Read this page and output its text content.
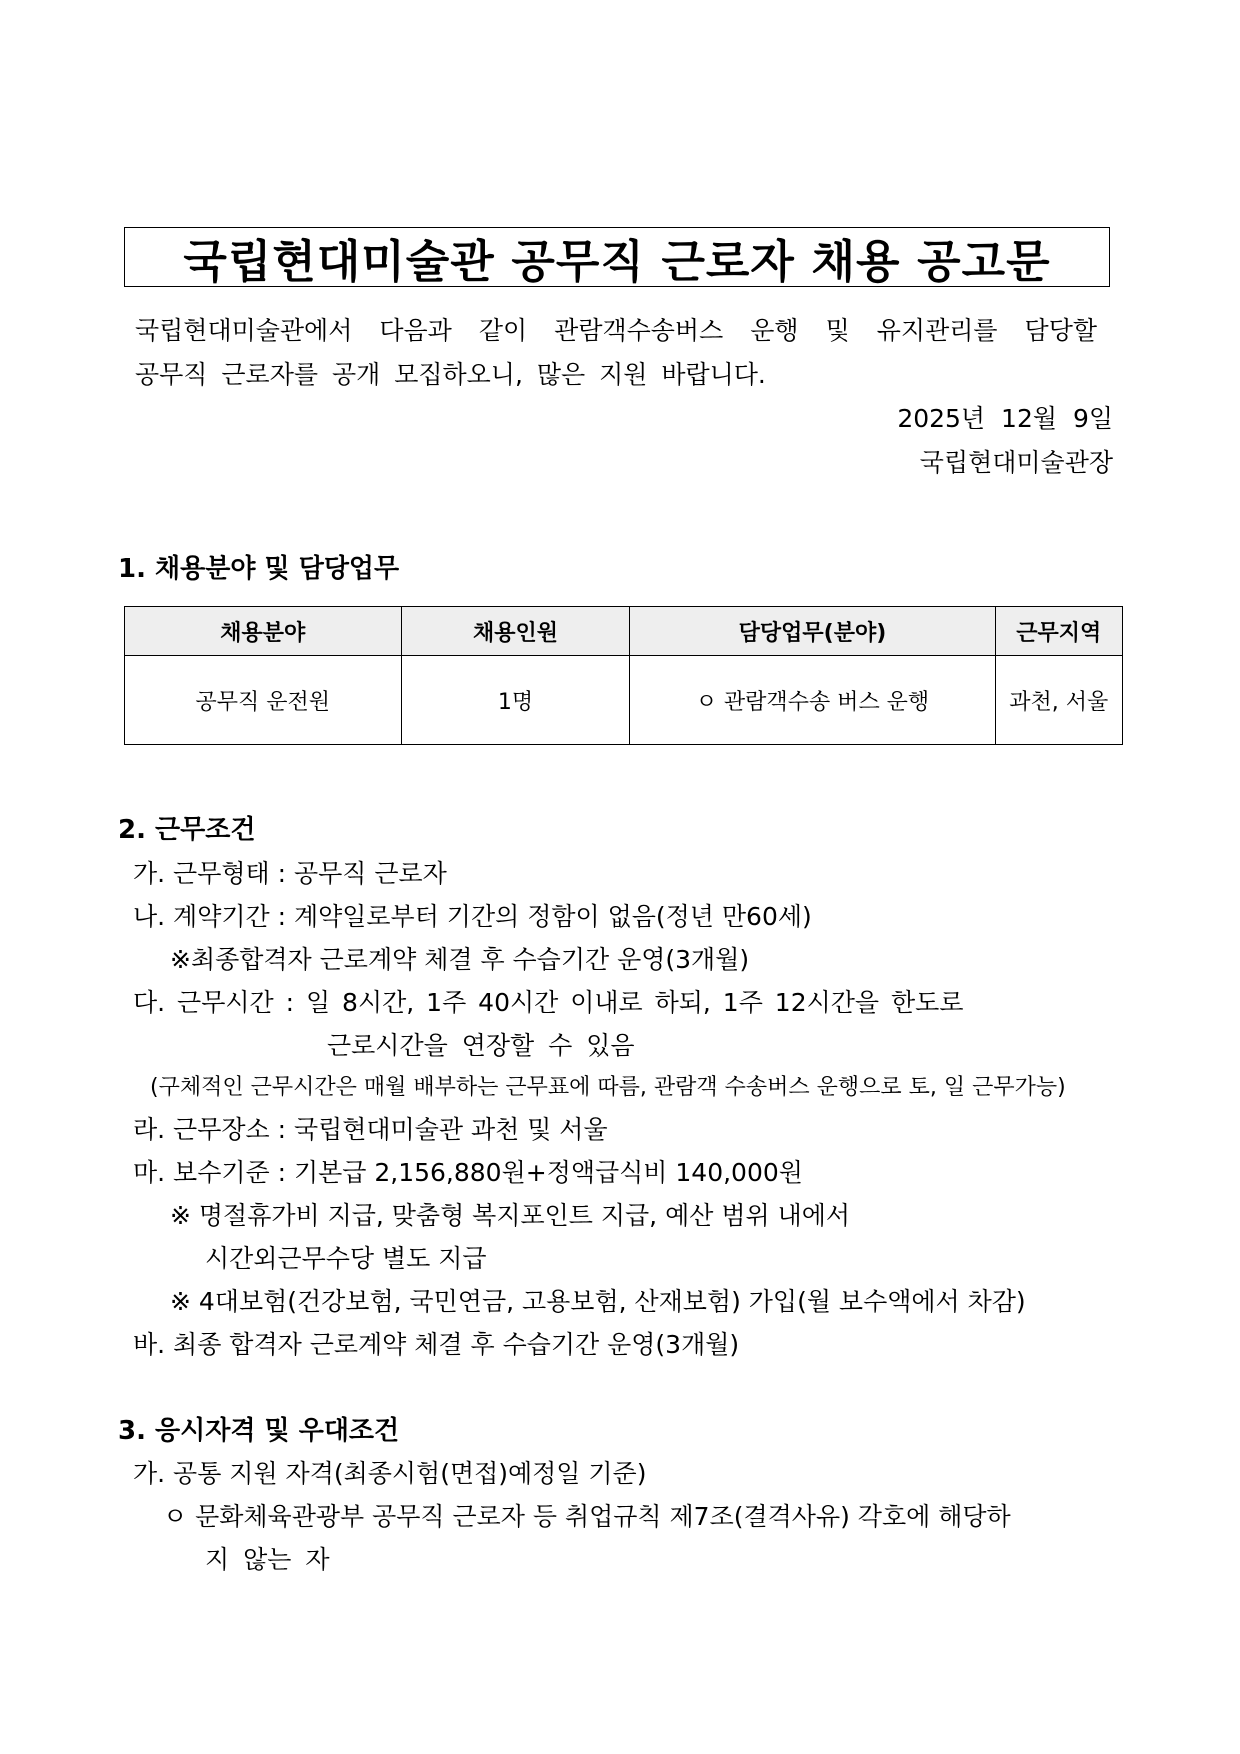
국립현대미술관 공무직 근로자 채용 공고문
국립현대미술관에서 다음과 같이 관람객수송버스 운행 및 유지관리를 담당할
공무직 근로자를 공개 모집하오니, 많은 지원 바랍니다.
2025년 12월 9일
국립현대미술관장
1. 채용분야 및 담당업무
채용분야	채용인원	담당업무(분야)	근무지역
공무직 운전원	1명	ㅇ 관람객수송 버스 운행	과천, 서울
2. 근무조건
가. 근무형태 : 공무직 근로자
나. 계약기간 : 계약일로부터 기간의 정함이 없음(정년 만60세)
※최종합격자 근로계약 체결 후 수습기간 운영(3개월)
다. 근무시간 : 일 8시간, 1주 40시간 이내로 하되, 1주 12시간을 한도로
근로시간을 연장할 수 있음
(구체적인 근무시간은 매월 배부하는 근무표에 따름, 관람객 수송버스 운행으로 토, 일 근무가능)
라. 근무장소 : 국립현대미술관 과천 및 서울
마. 보수기준 : 기본급 2,156,880원+정액급식비 140,000원
※ 명절휴가비 지급, 맞춤형 복지포인트 지급, 예산 범위 내에서
시간외근무수당 별도 지급
※ 4대보험(건강보험, 국민연금, 고용보험, 산재보험) 가입(월 보수액에서 차감)
바. 최종 합격자 근로계약 체결 후 수습기간 운영(3개월)
3. 응시자격 및 우대조건
가. 공통 지원 자격(최종시험(면접)예정일 기준)
ㅇ 문화체육관광부 공무직 근로자 등 취업규칙 제7조(결격사유) 각호에 해당하
지 않는 자
